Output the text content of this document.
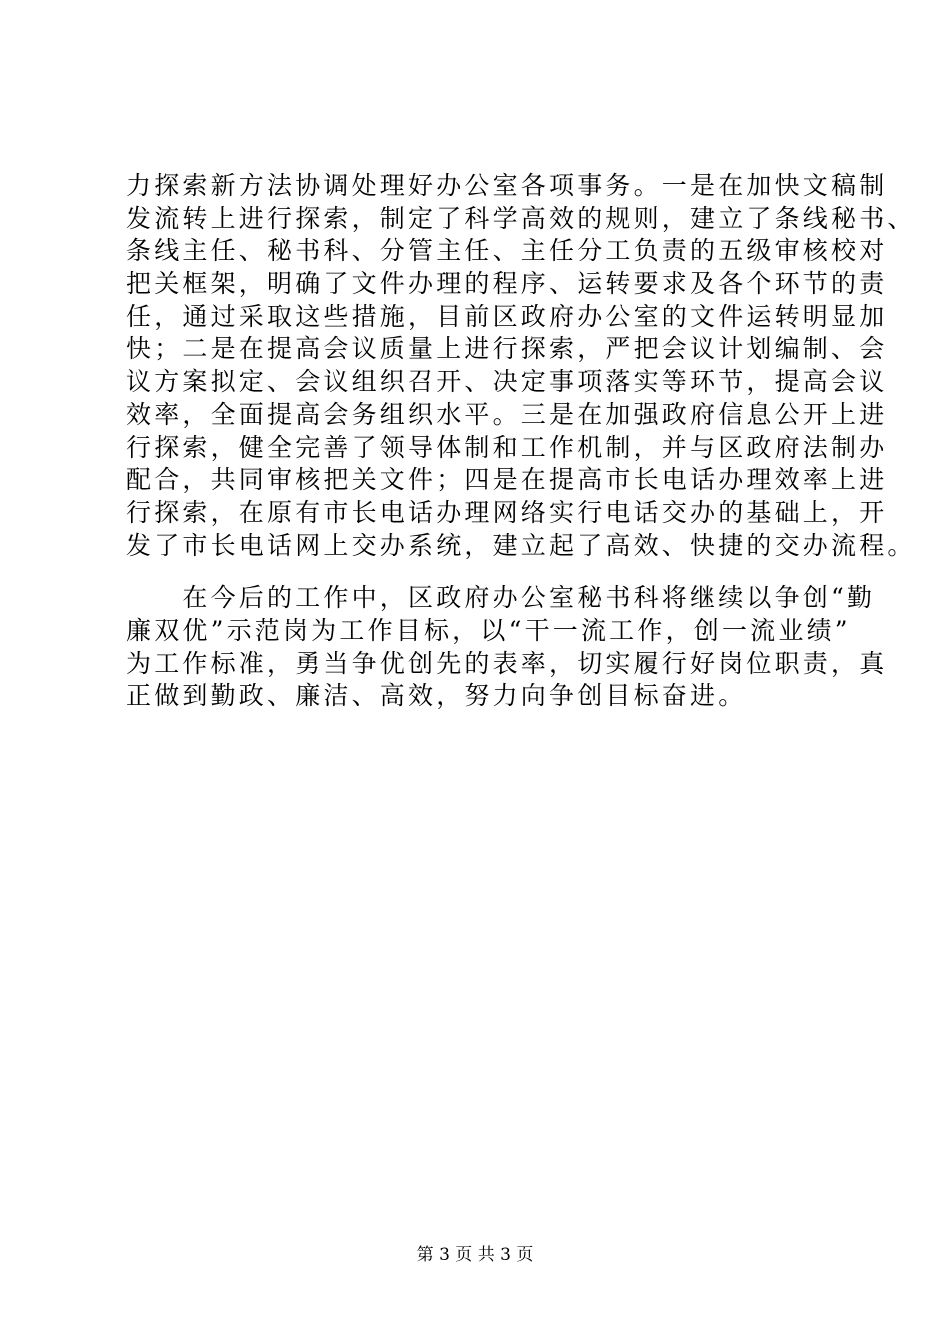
力探索新方法协调处理好办公室各项事务。一是在加快文稿制
发流转上进行探索，制定了科学高效的规则，建立了条线秘书、
条线主任、秘书科、分管主任、主任分工负责的五级审核校对
把关框架，明确了文件办理的程序、运转要求及各个环节的责
任，通过采取这些措施，目前区政府办公室的文件运转明显加
快；二是在提高会议质量上进行探索，严把会议计划编制、会
议方案拟定、会议组织召开、决定事项落实等环节，提高会议
效率，全面提高会务组织水平。三是在加强政府信息公开上进
行探索，健全完善了领导体制和工作机制，并与区政府法制办
配合，共同审核把关文件；四是在提高市长电话办理效率上进
行探索，在原有市长电话办理网络实行电话交办的基础上，开
发了市长电话网上交办系统，建立起了高效、快捷的交办流程。
　　在今后的工作中，区政府办公室秘书科将继续以争创“勤
廉双优”示范岗为工作目标，以“干一流工作，创一流业绩”
为工作标准，勇当争优创先的表率，切实履行好岗位职责，真
正做到勤政、廉洁、高效，努力向争创目标奋进。
第 3 页 共 3 页
